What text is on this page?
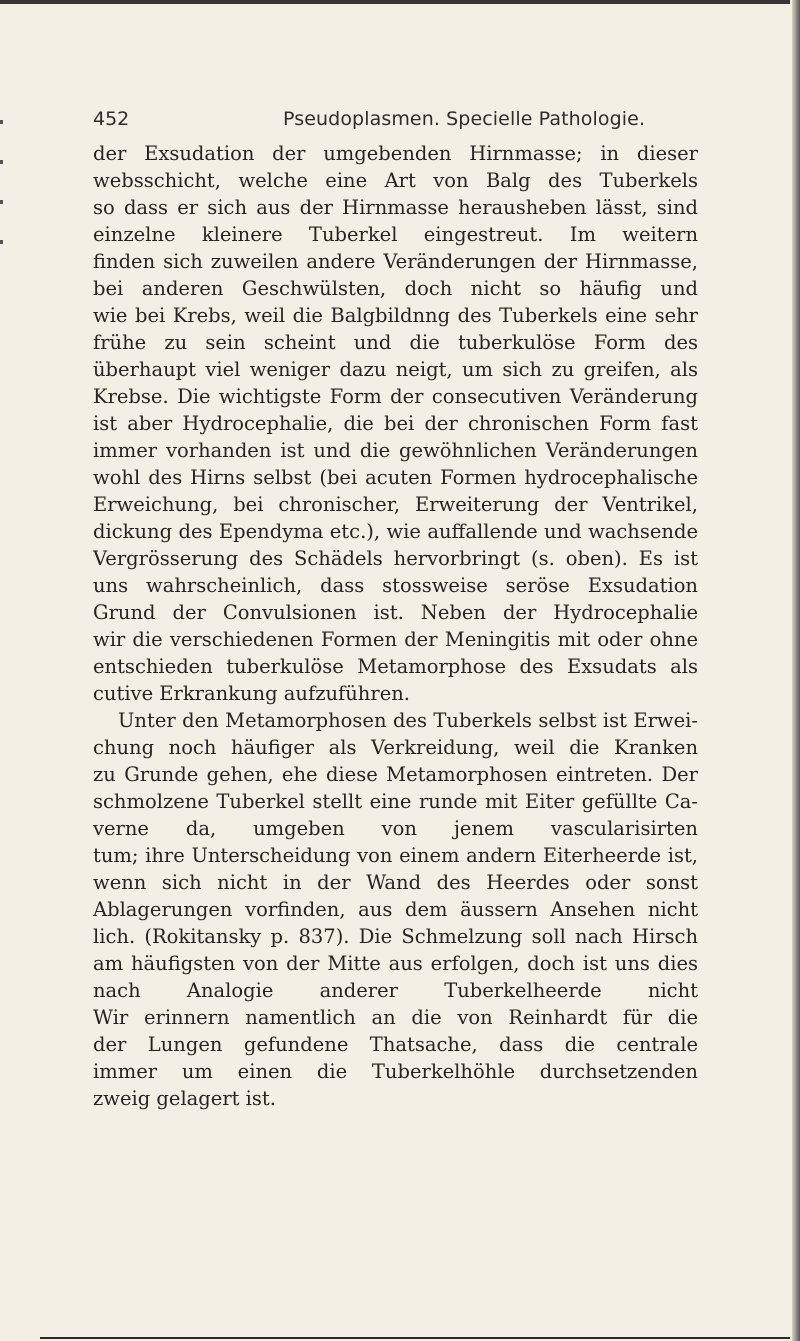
452	Pseudoplasmen. Specielle Pathologie.
der Exsudation der umgebenden Hirnmasse; in dieser
websschicht, welche eine Art von Balg des Tuberkels
so dass er sich aus der Hirnmasse herausheben lässt, sind
einzelne kleinere Tuberkel eingestreut. Im weitern
finden sich zuweilen andere Veränderungen der Hirnmasse,
bei anderen Geschwülsten, doch nicht so häufig und
wie bei Krebs, weil die Balgbildnng des Tuberkels eine sehr
frühe zu sein scheint und die tuberkulöse Form des
überhaupt viel weniger dazu neigt, um sich zu greifen, als
Krebse. Die wichtigste Form der consecutiven Veränderung
ist aber Hydrocephalie, die bei der chronischen Form fast
immer vorhanden ist und die gewöhnlichen Veränderungen
wohl des Hirns selbst (bei acuten Formen hydrocephalische
Erweichung, bei chronischer, Erweiterung der Ventrikel,
dickung des Ependyma etc.), wie auffallende und wachsende
Vergrösserung des Schädels hervorbringt (s. oben). Es ist
uns wahrscheinlich, dass stossweise seröse Exsudation
Grund der Convulsionen ist. Neben der Hydrocephalie
wir die verschiedenen Formen der Meningitis mit oder ohne
entschieden tuberkulöse Metamorphose des Exsudats als
cutive Erkrankung aufzuführen.
Unter den Metamorphosen des Tuberkels selbst ist Erwei-
chung noch häufiger als Verkreidung, weil die Kranken
zu Grunde gehen, ehe diese Metamorphosen eintreten. Der
schmolzene Tuberkel stellt eine runde mit Eiter gefüllte Ca-
verne da, umgeben von jenem vascularisirten
tum; ihre Unterscheidung von einem andern Eiterheerde ist,
wenn sich nicht in der Wand des Heerdes oder sonst
Ablagerungen vorfinden, aus dem äussern Ansehen nicht
lich. (Rokitansky p. 837). Die Schmelzung soll nach Hirsch
am häufigsten von der Mitte aus erfolgen, doch ist uns dies
nach Analogie anderer Tuberkelheerde nicht
Wir erinnern namentlich an die von Reinhardt für die
der Lungen gefundene Thatsache, dass die centrale
immer um einen die Tuberkelhöhle durchsetzenden
zweig gelagert ist.
